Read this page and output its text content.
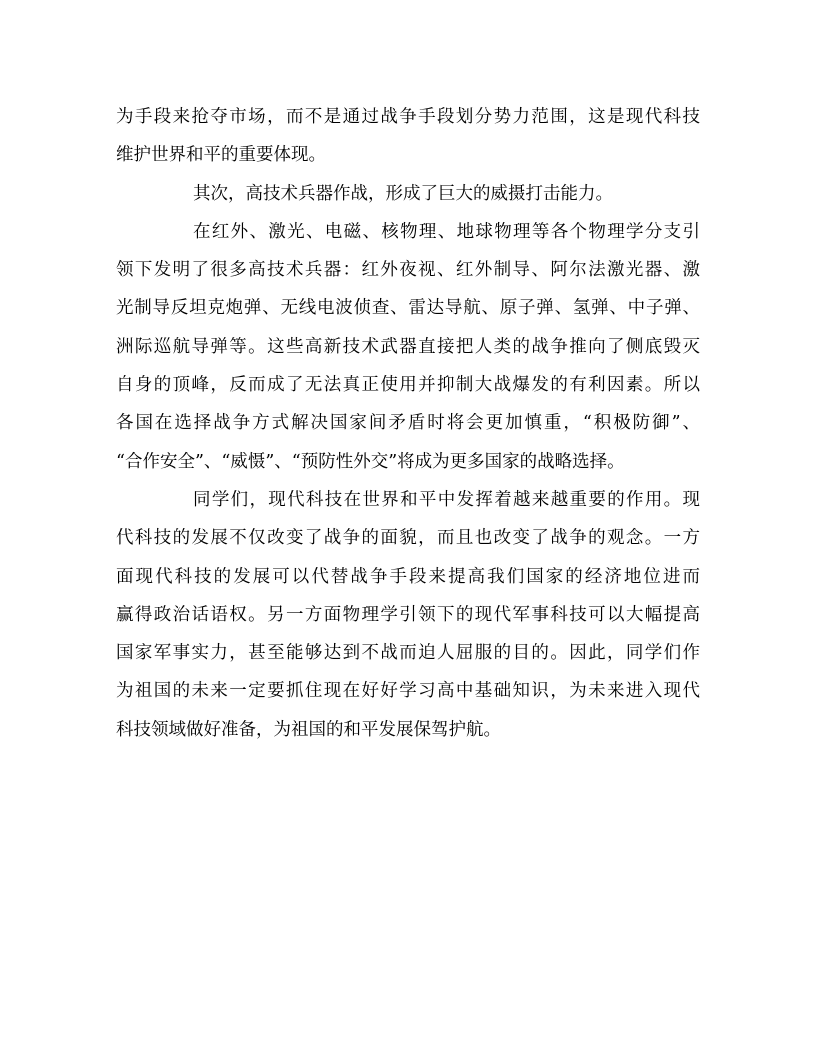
为手段来抢夺市场，而不是通过战争手段划分势力范围，这是现代科技
维护世界和平的重要体现。
其次，高技术兵器作战，形成了巨大的威摄打击能力。
在红外、激光、电磁、核物理、地球物理等各个物理学分支引
领下发明了很多高技术兵器：红外夜视、红外制导、阿尔法激光器、激
光制导反坦克炮弹、无线电波侦查、雷达导航、原子弹、氢弹、中子弹、
洲际巡航导弹等。这些高新技术武器直接把人类的战争推向了侧底毁灭
自身的顶峰，反而成了无法真正使用并抑制大战爆发的有利因素。所以
各国在选择战争方式解决国家间矛盾时将会更加慎重，“积极防御”、
“合作安全”、“威慑”、“预防性外交”将成为更多国家的战略选择。
同学们，现代科技在世界和平中发挥着越来越重要的作用。现
代科技的发展不仅改变了战争的面貌，而且也改变了战争的观念。一方
面现代科技的发展可以代替战争手段来提高我们国家的经济地位进而
赢得政治话语权。另一方面物理学引领下的现代军事科技可以大幅提高
国家军事实力，甚至能够达到不战而迫人屈服的目的。因此，同学们作
为祖国的未来一定要抓住现在好好学习高中基础知识，为未来进入现代
科技领域做好准备，为祖国的和平发展保驾护航。
